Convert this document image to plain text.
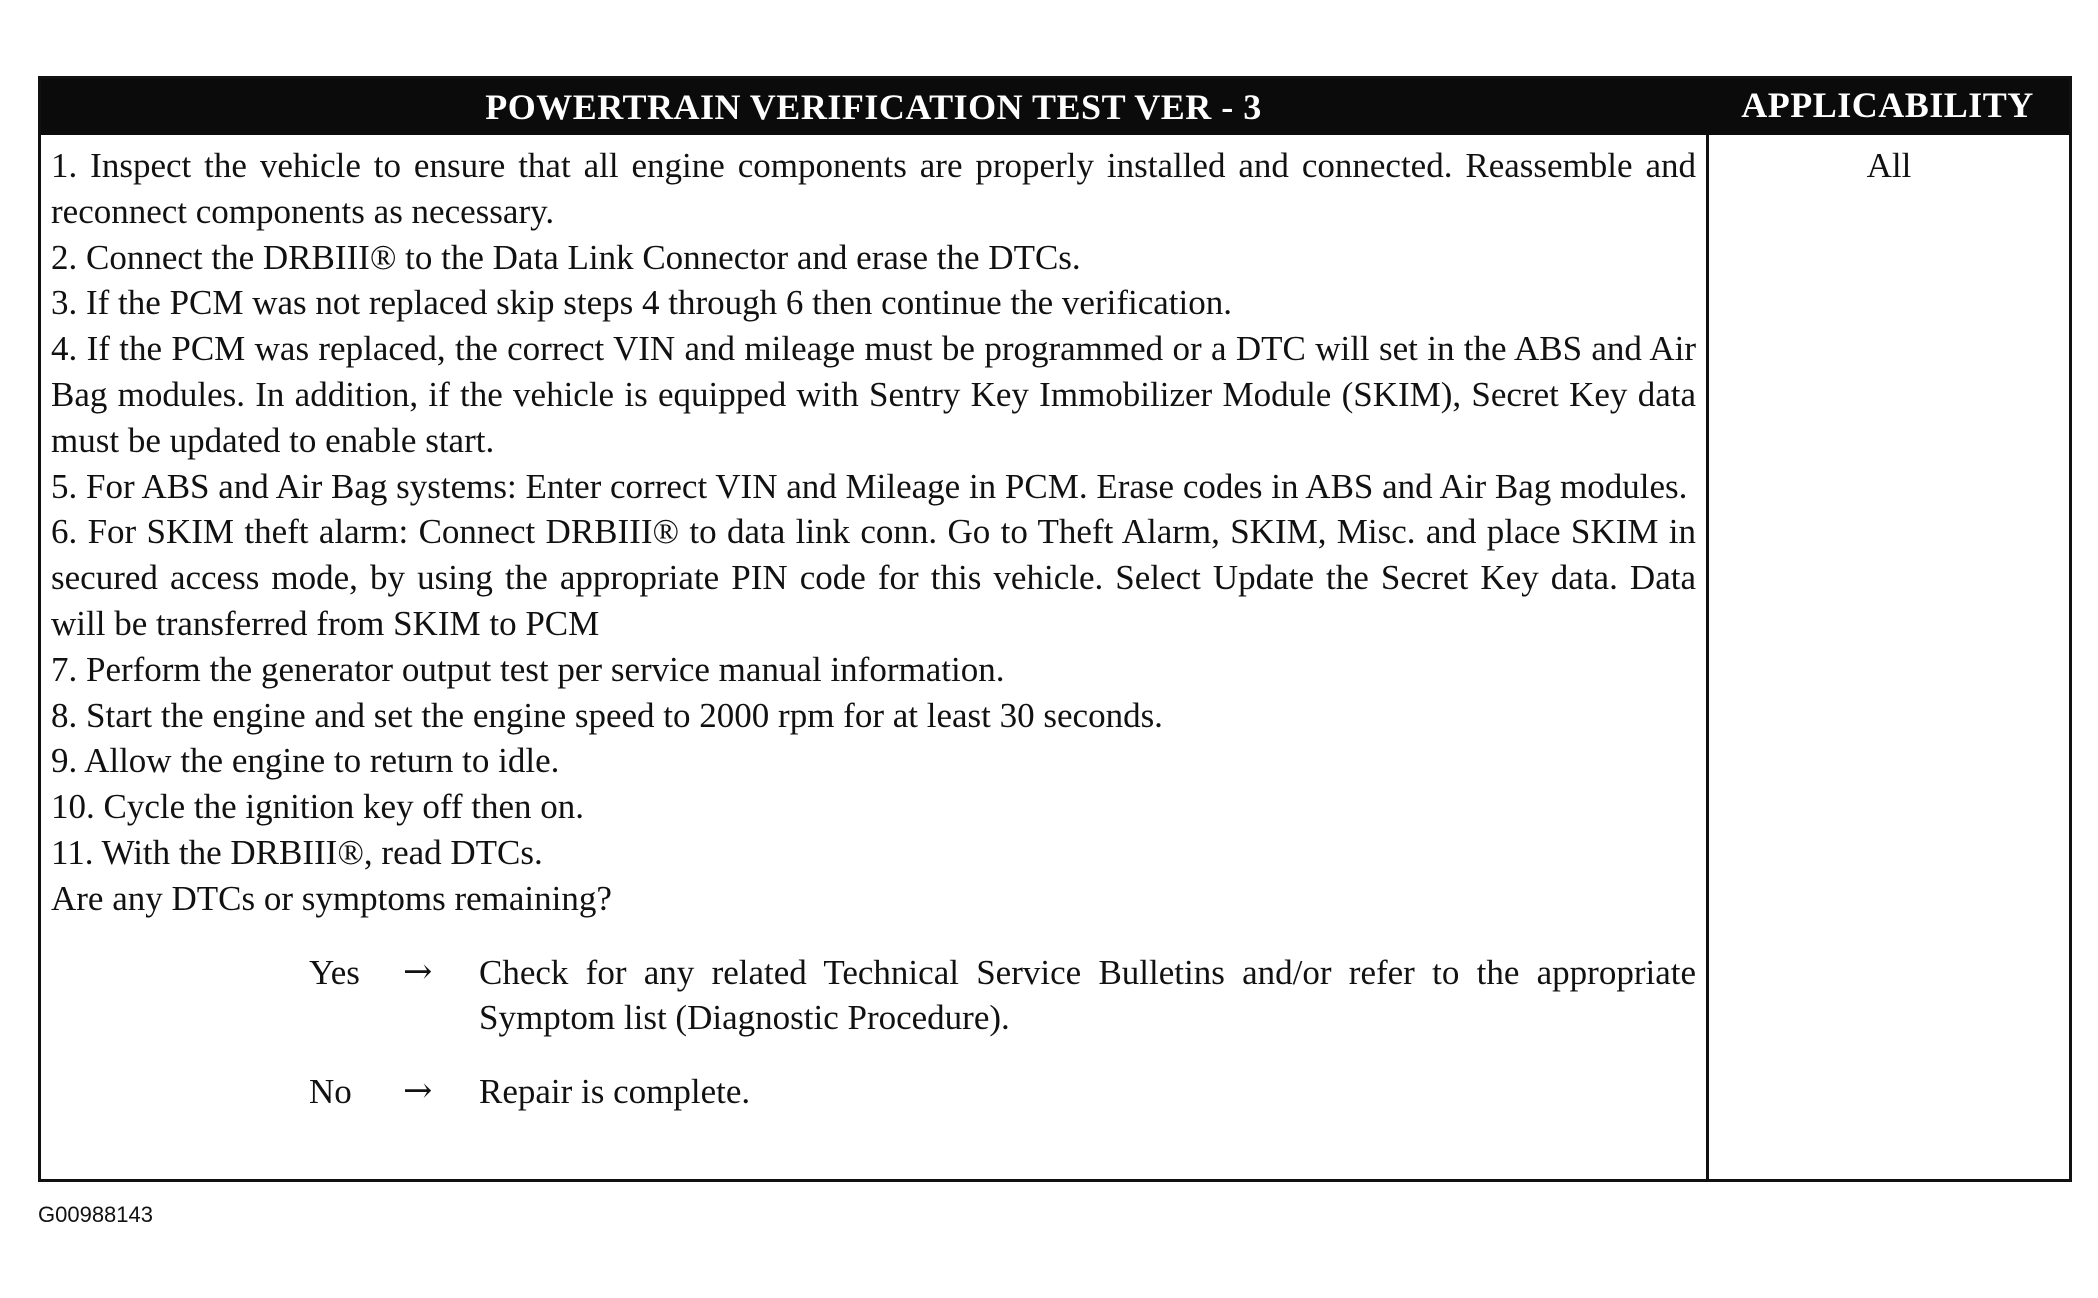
POWERTRAIN VERIFICATION TEST VER - 3	APPLICABILITY

1. Inspect the vehicle to ensure that all engine components are properly installed and connected. Reassemble and reconnect components as necessary.

2. Connect the DRBIII® to the Data Link Connector and erase the DTCs.

3. If the PCM was not replaced skip steps 4 through 6 then continue the verification.

4. If the PCM was replaced, the correct VIN and mileage must be programmed or a DTC will set in the ABS and Air Bag modules. In addition, if the vehicle is equipped with Sentry Key Immobilizer Module (SKIM), Secret Key data must be updated to enable start.

5. For ABS and Air Bag systems: Enter correct VIN and Mileage in PCM. Erase codes in ABS and Air Bag modules.

6. For SKIM theft alarm: Connect DRBIII® to data link conn. Go to Theft Alarm, SKIM, Misc. and place SKIM in secured access mode, by using the appropriate PIN code for this vehicle. Select Update the Secret Key data. Data will be transferred from SKIM to PCM

7. Perform the generator output test per service manual information.

8. Start the engine and set the engine speed to 2000 rpm for at least 30 seconds.

9. Allow the engine to return to idle.

10. Cycle the ignition key off then on.

11. With the DRBIII®, read DTCs.

Are any DTCs or symptoms remaining?

Yes → Check for any related Technical Service Bulletins and/or refer to the appropriate Symptom list (Diagnostic Procedure).
No → Repair is complete.
All
G00988143
